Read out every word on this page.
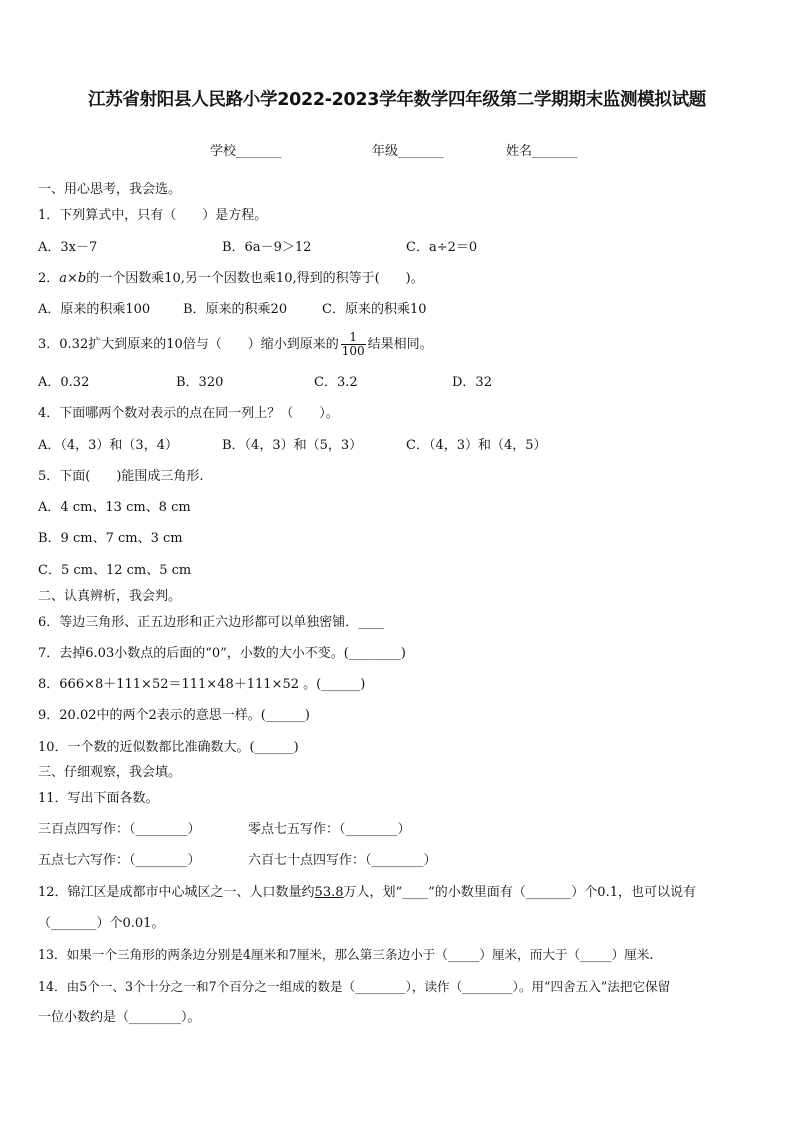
江苏省射阳县人民路小学2022-2023学年数学四年级第二学期期末监测模拟试题
学校_______	年级_______	姓名_______
一、用心思考，我会选。
1．下列算式中，只有（　　）是方程。
A．3x－7	B．6a－9＞12	C．a÷2＝0
2．a×b的一个因数乘10,另一个因数也乘10,得到的积等于(　　)。
A．原来的积乘100	B．原来的积乘20	C．原来的积乘10
3．0.32扩大到原来的10倍与（　　）缩小到原来的 $\frac{1}{100}$ 结果相同。
A．0.32	B．320	C．3.2	D．32
4．下面哪两个数对表示的点在同一列上？（　　）。
A．（4，3）和（3，4）	B．（4，3）和（5，3）	C．（4，3）和（4，5）
5．下面(　　)能围成三角形.
A．4 cm、13 cm、8 cm
B．9 cm、7 cm、3 cm
C．5 cm、12 cm、5 cm
二、认真辨析，我会判。
6．等边三角形、正五边形和正六边形都可以单独密铺．____
7．去掉6.03小数点的后面的“0”，小数的大小不变。(________)
8．666×8＋111×52＝111×48＋111×52 。(______)
9．20.02中的两个2表示的意思一样。(______)
10．一个数的近似数都比准确数大。(______)
三、仔细观察，我会填。
11．写出下面各数。
三百点四写作：（________）	零点七五写作：（________）
五点七六写作：（________）	六百七十点四写作：（________）
12．锦江区是成都市中心城区之一、人口数量约53.8万人，划“____”的小数里面有（_______）个0.1，也可以说有
（_______）个0.01。
13．如果一个三角形的两条边分别是4厘米和7厘米，那么第三条边小于（_____）厘米，而大于（_____）厘米.
14．由5个一、3个十分之一和7个百分之一组成的数是（________），读作（________）。用“四舍五入”法把它保留
一位小数约是（________）。
